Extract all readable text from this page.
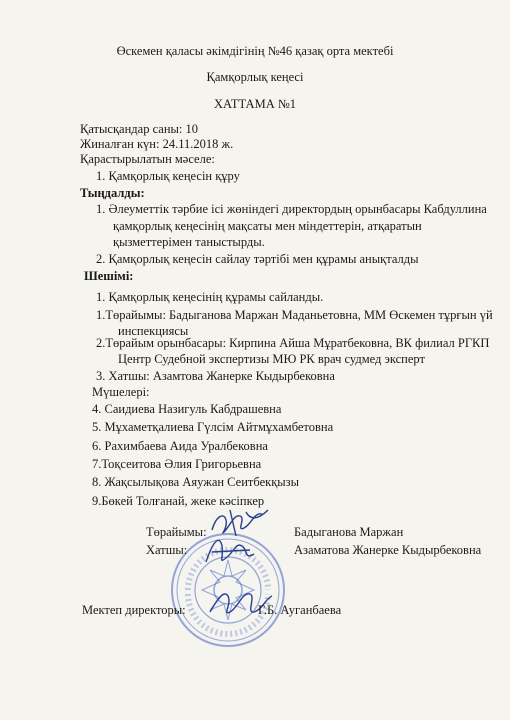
Өскемен қаласы әкімдігінің №46 қазақ орта мектебі
Қамқорлық кеңесі
ХАТТАМА №1
Қатысқандар саны: 10
Жиналған күн: 24.11.2018 ж.
Қарастырылатын мәселе:
1. Қамқорлық кеңесін құру
Тыңдалды:
1. Әлеуметтік тәрбие ісі жөніндегі директордың орынбасары Кабдуллина
қамқорлық кеңесінің мақсаты мен міндеттерін, атқаратын
қызметтерімен таныстырды.
2. Қамқорлық кеңесін сайлау тәртібі мен құрамы анықталды
Шешімі:
1. Қамқорлық кеңесінің құрамы сайланды.
1.Төрайымы: Бадыганова Маржан Маданьетовна, ММ Өскемен тұрғын үй
инспекциясы
2.Төрайым орынбасары: Кирпина Айша Мұратбековна, ВК филиал РГКП
Центр Судебной экспертизы МЮ РК врач судмед эксперт
3. Хатшы: Азамтова Жанерке Кыдырбековна
Мүшелері:
4. Саидиева Назигуль Кабдрашевна
5. Мұхаметқалиева Гүлсім Айтмұхамбетовна
6. Рахимбаева Аида Уралбековна
7.Тоқсеитова Әлия Григорьевна
8. Жақсылықова Аяужан Сеитбекқызы
9.Бөкей Толғанай, жеке кәсіпкер
Төрайымы:	Бадыганова Маржан
Хатшы:	Азаматова Жанерке Кыдырбековна
Мектеп директоры:	Г.Б. Ауганбаева
